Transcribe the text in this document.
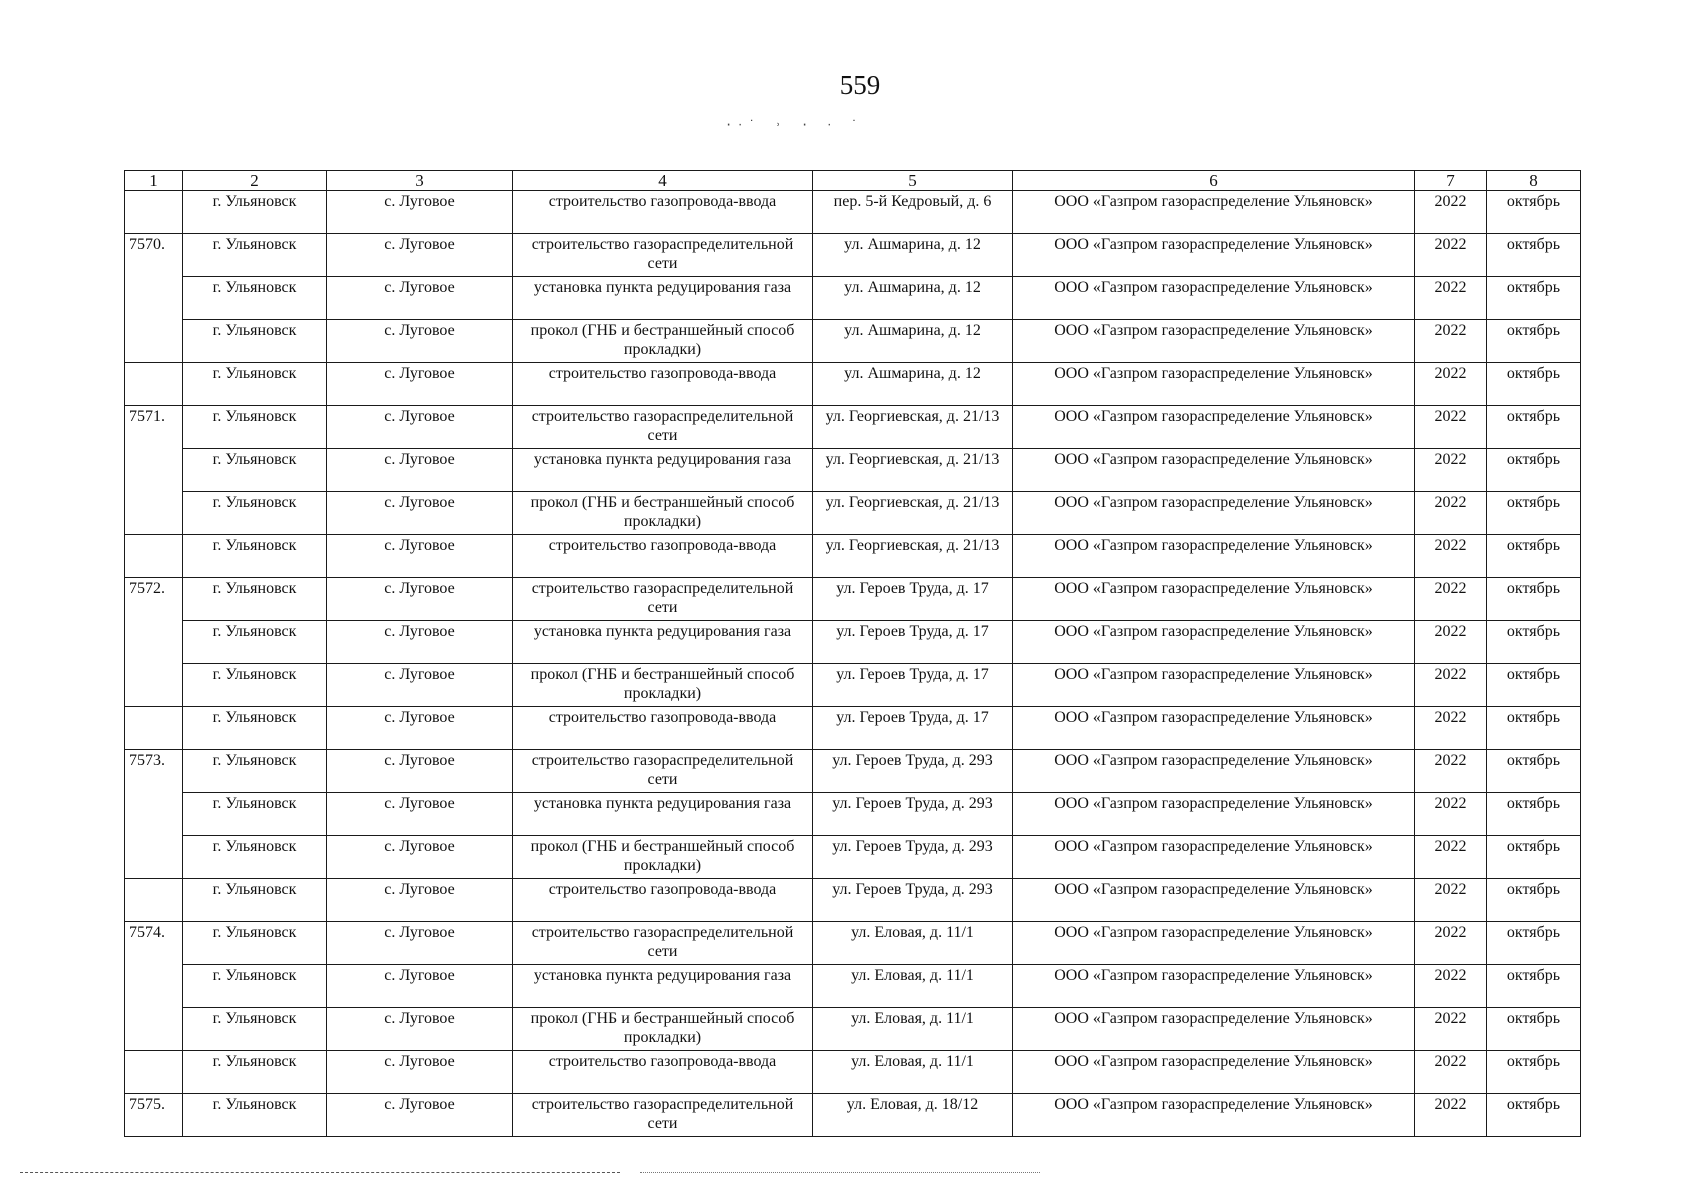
559
·‧˙ ˒ · ‧ ˙
1	2	3	4	5	6	7	8
	г. Ульяновск	с. Луговое	строительство газопровода-ввода	пер. 5-й Кедровый, д. 6	ООО «Газпром газораспределение Ульяновск»	2022	октябрь
7570.	г. Ульяновск	с. Луговое	строительство газораспределительной сети	ул. Ашмарина, д. 12	ООО «Газпром газораспределение Ульяновск»	2022	октябрь
	г. Ульяновск	с. Луговое	установка пункта редуцирования газа	ул. Ашмарина, д. 12	ООО «Газпром газораспределение Ульяновск»	2022	октябрь
	г. Ульяновск	с. Луговое	прокол (ГНБ и бестраншейный способ прокладки)	ул. Ашмарина, д. 12	ООО «Газпром газораспределение Ульяновск»	2022	октябрь
	г. Ульяновск	с. Луговое	строительство газопровода-ввода	ул. Ашмарина, д. 12	ООО «Газпром газораспределение Ульяновск»	2022	октябрь
7571.	г. Ульяновск	с. Луговое	строительство газораспределительной сети	ул. Георгиевская, д. 21/13	ООО «Газпром газораспределение Ульяновск»	2022	октябрь
	г. Ульяновск	с. Луговое	установка пункта редуцирования газа	ул. Георгиевская, д. 21/13	ООО «Газпром газораспределение Ульяновск»	2022	октябрь
	г. Ульяновск	с. Луговое	прокол (ГНБ и бестраншейный способ прокладки)	ул. Георгиевская, д. 21/13	ООО «Газпром газораспределение Ульяновск»	2022	октябрь
	г. Ульяновск	с. Луговое	строительство газопровода-ввода	ул. Георгиевская, д. 21/13	ООО «Газпром газораспределение Ульяновск»	2022	октябрь
7572.	г. Ульяновск	с. Луговое	строительство газораспределительной сети	ул. Героев Труда, д. 17	ООО «Газпром газораспределение Ульяновск»	2022	октябрь
	г. Ульяновск	с. Луговое	установка пункта редуцирования газа	ул. Героев Труда, д. 17	ООО «Газпром газораспределение Ульяновск»	2022	октябрь
	г. Ульяновск	с. Луговое	прокол (ГНБ и бестраншейный способ прокладки)	ул. Героев Труда, д. 17	ООО «Газпром газораспределение Ульяновск»	2022	октябрь
	г. Ульяновск	с. Луговое	строительство газопровода-ввода	ул. Героев Труда, д. 17	ООО «Газпром газораспределение Ульяновск»	2022	октябрь
7573.	г. Ульяновск	с. Луговое	строительство газораспределительной сети	ул. Героев Труда, д. 293	ООО «Газпром газораспределение Ульяновск»	2022	октябрь
	г. Ульяновск	с. Луговое	установка пункта редуцирования газа	ул. Героев Труда, д. 293	ООО «Газпром газораспределение Ульяновск»	2022	октябрь
	г. Ульяновск	с. Луговое	прокол (ГНБ и бестраншейный способ прокладки)	ул. Героев Труда, д. 293	ООО «Газпром газораспределение Ульяновск»	2022	октябрь
	г. Ульяновск	с. Луговое	строительство газопровода-ввода	ул. Героев Труда, д. 293	ООО «Газпром газораспределение Ульяновск»	2022	октябрь
7574.	г. Ульяновск	с. Луговое	строительство газораспределительной сети	ул. Еловая, д. 11/1	ООО «Газпром газораспределение Ульяновск»	2022	октябрь
	г. Ульяновск	с. Луговое	установка пункта редуцирования газа	ул. Еловая, д. 11/1	ООО «Газпром газораспределение Ульяновск»	2022	октябрь
	г. Ульяновск	с. Луговое	прокол (ГНБ и бестраншейный способ прокладки)	ул. Еловая, д. 11/1	ООО «Газпром газораспределение Ульяновск»	2022	октябрь
	г. Ульяновск	с. Луговое	строительство газопровода-ввода	ул. Еловая, д. 11/1	ООО «Газпром газораспределение Ульяновск»	2022	октябрь
7575.	г. Ульяновск	с. Луговое	строительство газораспределительной сети	ул. Еловая, д. 18/12	ООО «Газпром газораспределение Ульяновск»	2022	октябрь
